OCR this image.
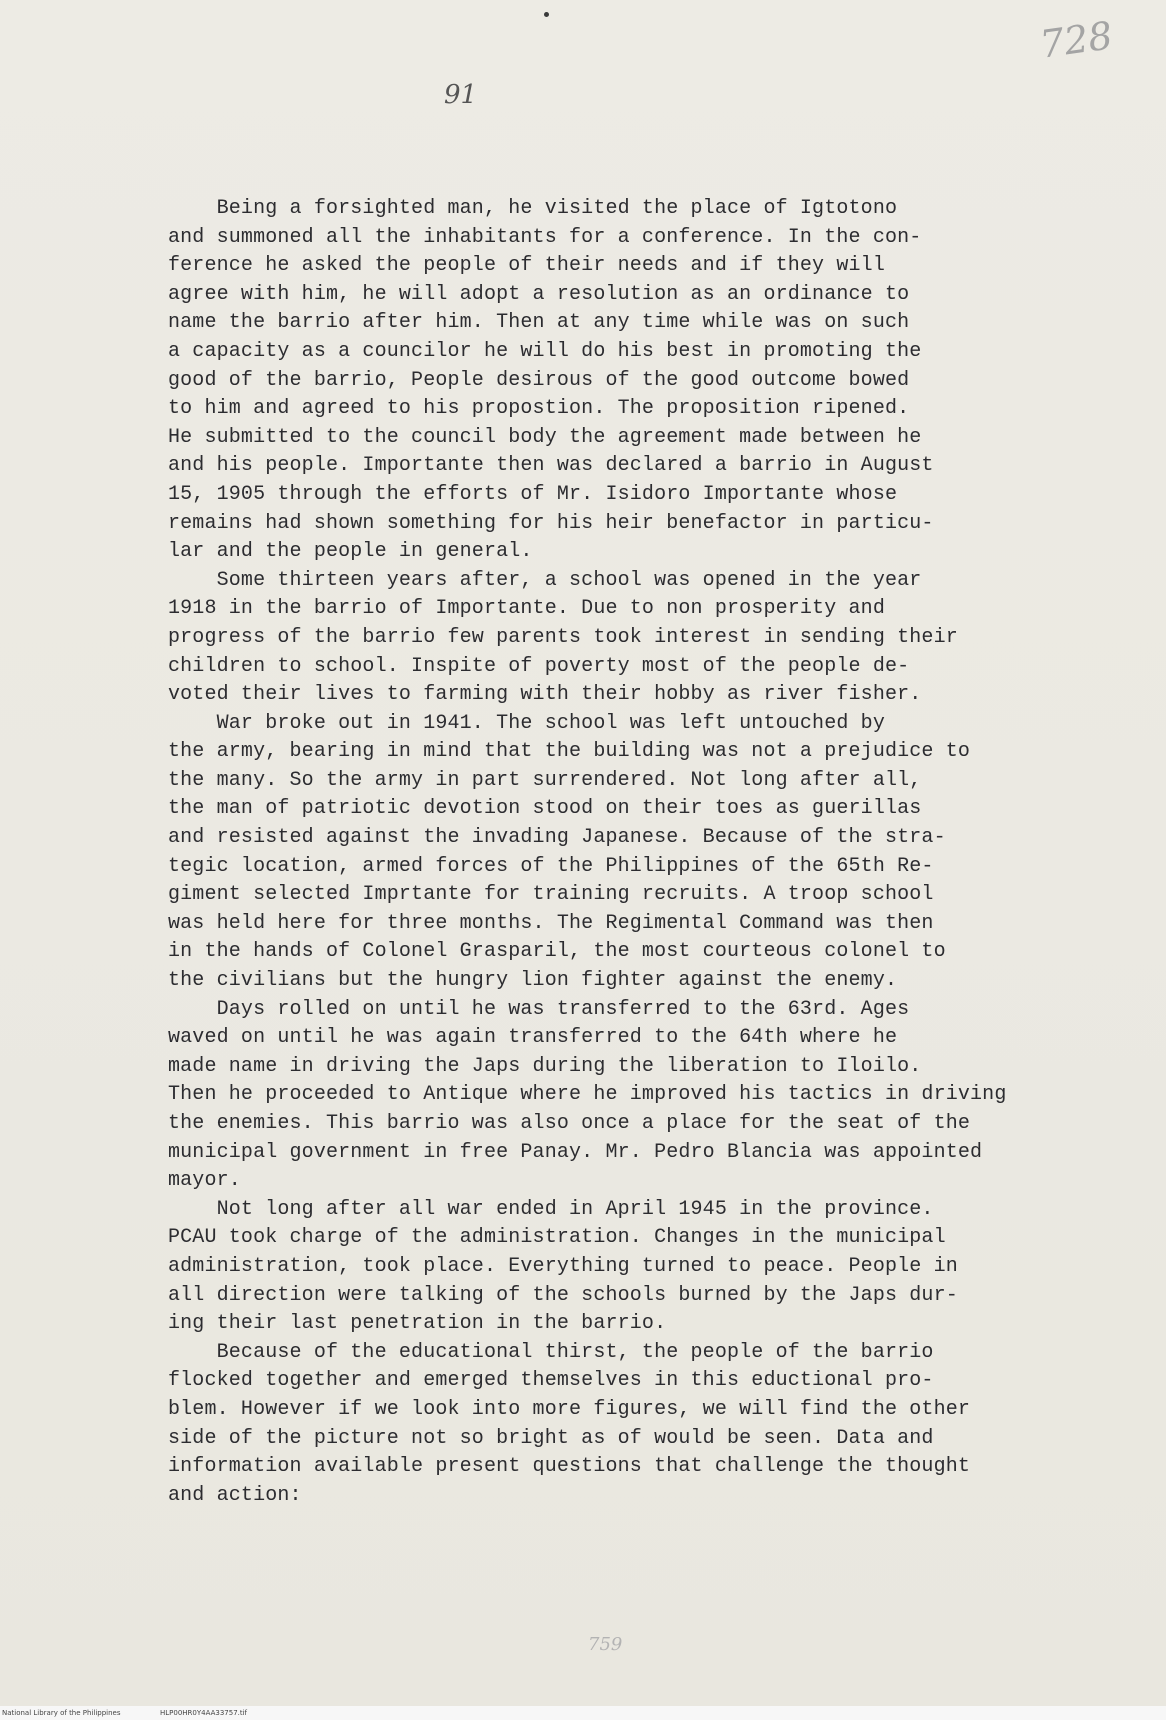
728
91
Being a forsighted man, he visited the place of Igtotono
and summoned all the inhabitants for a conference. In the con-
ference he asked the people of their needs and if they will
agree with him, he will adopt a resolution as an ordinance to
name the barrio after him. Then at any time while was on such
a capacity as a councilor he will do his best in promoting the
good of the barrio, People desirous of the good outcome bowed
to him and agreed to his propostion. The proposition ripened.
He submitted to the council body the agreement made between he
and his people. Importante then was declared a barrio in August
15, 1905 through the efforts of Mr. Isidoro Importante whose
remains had shown something for his heir benefactor in particu-
lar and the people in general.
Some thirteen years after, a school was opened in the year
1918 in the barrio of Importante. Due to non prosperity and
progress of the barrio few parents took interest in sending their
children to school. Inspite of poverty most of the people de-
voted their lives to farming with their hobby as river fisher.
War broke out in 1941. The school was left untouched by
the army, bearing in mind that the building was not a prejudice to
the many. So the army in part surrendered. Not long after all,
the man of patriotic devotion stood on their toes as guerillas
and resisted against the invading Japanese. Because of the stra-
tegic location, armed forces of the Philippines of the 65th Re-
giment selected Imprtante for training recruits. A troop school
was held here for three months. The Regimental Command was then
in the hands of Colonel Grasparil, the most courteous colonel to
the civilians but the hungry lion fighter against the enemy.
Days rolled on until he was transferred to the 63rd. Ages
waved on until he was again transferred to the 64th where he
made name in driving the Japs during the liberation to Iloilo.
Then he proceeded to Antique where he improved his tactics in driving
the enemies. This barrio was also once a place for the seat of the
municipal government in free Panay. Mr. Pedro Blancia was appointed
mayor.
Not long after all war ended in April 1945 in the province.
PCAU took charge of the administration. Changes in the municipal
administration, took place. Everything turned to peace. People in
all direction were talking of the schools burned by the Japs dur-
ing their last penetration in the barrio.
Because of the educational thirst, the people of the barrio
flocked together and emerged themselves in this eductional pro-
blem. However if we look into more figures, we will find the other
side of the picture not so bright as of would be seen. Data and
information available present questions that challenge the thought
and action:
759
National Library of the Philippines	HLP00HR0Y4AA33757.tif
